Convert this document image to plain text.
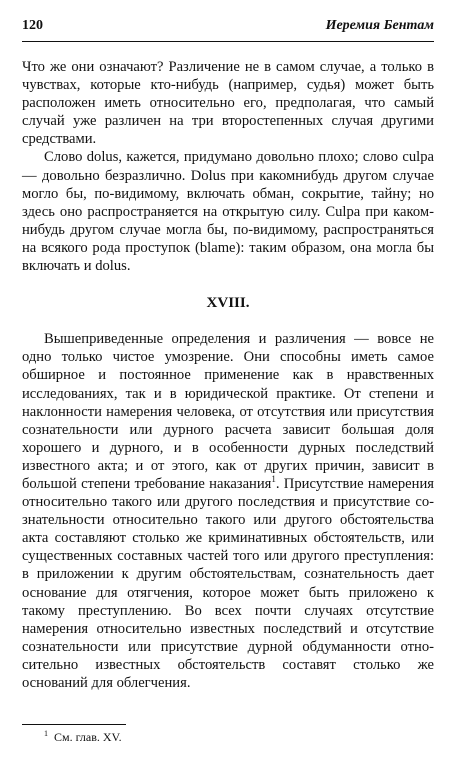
120	Иеремия Бентам

Что же они означают? Различение не в самом случае, а только в чувствах, которые кто-нибудь (например, судья) может быть расположен иметь относительно его, предполагая, что самый случай уже различен на три второстепенных случая другими средствами.

Слово dolus, кажется, придумано довольно плохо; слово culpa — довольно безразлично. Dolus при какомнибудь другом случае могло бы, по-видимому, включать обман, сокрытие, тайну; но здесь оно распространяется на открытую силу. Culpa при каком-нибудь другом случае могла бы, по-видимому, распространяться на всякого рода проступок (blame): таким образом, она могла бы включать и dolus.

XVIII.

Вышеприведенные определения и различения — вовсе не одно только чистое умозрение. Они способны иметь самое обширное и постоянное применение как в нравственных исследованиях, так и в юридической практике. От степени и наклонности намерения человека, от отсутствия или присутствия сознательности или дурного расчета зависит большая доля хорошего и дурного, и в особенности дурных последствий известного акта; и от этого, как от других причин, зависит в большой степени требование наказания$^1$. Присутствие намерения относительно такого или другого последствия и присутствие сознательности относительно такого или другого обстоятельства акта составляют столько же криминативных обстоятельств, или существенных составных частей того или другого преступления: в приложении к другим обстоятельствам, сознательность дает основание для отягчения, которое может быть приложено к такому преступлению. Во всех почти случаях отсутствие намерения относительно известных последствий и отсутствие сознательности или присутствие дурной обдуманности относительно известных обстоятельств составят столько же оснований для облегчения.

$^1$ См. глав. XV.
